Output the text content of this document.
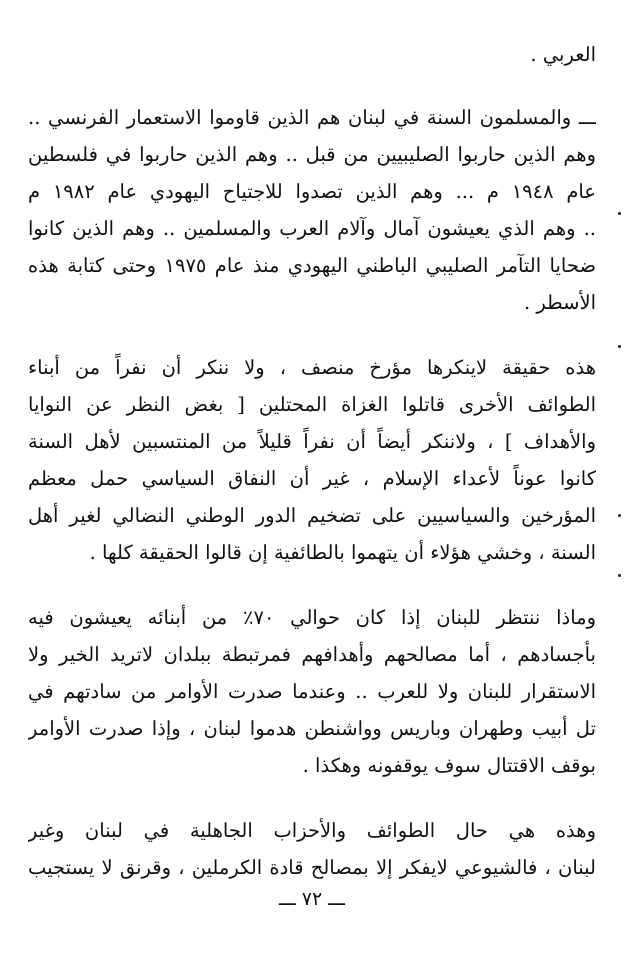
العربي .
ـــ والمسلمون السنة في لبنان هم الذين قاوموا الاستعمار الفرنسي ..
وهم الذين حاربوا الصليبيين من قبل .. وهم الذين حاربوا في فلسطين
عام ١٩٤٨ م ... وهم الذين تصدوا للاجتياح اليهودي عام ١٩٨٢ م
.. وهم الذي يعيشون آمال وآلام العرب والمسلمين .. وهم الذين كانوا
ضحايا التآمر الصليبي الباطني اليهودي منذ عام ١٩٧٥ وحتى كتابة هذه
الأسطر .
هذه حقيقة لاينكرها مؤرخ منصف ، ولا ننكر أن نفراً من أبناء
الطوائف الأخرى قاتلوا الغزاة المحتلين [ بغض النظر عن النوايا
والأهداف ] ، ولاننكر أيضاً أن نفراً قليلاً من المنتسبين لأهل السنة
كانوا عوناً لأعداء الإسلام ، غير أن النفاق السياسي حمل معظم
المؤرخين والسياسيين على تضخيم الدور الوطني النضالي لغير أهل
السنة ، وخشي هؤلاء أن يتهموا بالطائفية إن قالوا الحقيقة كلها .
وماذا ننتظر للبنان إذا كان حوالي ٧٠٪ من أبنائه يعيشون فيه
بأجسادهم ، أما مصالحهم وأهدافهم فمرتبطة ببلدان لاتريد الخير ولا
الاستقرار للبنان ولا للعرب .. وعندما صدرت الأوامر من سادتهم في
تل أبيب وطهران وباريس وواشنطن هدموا لبنان ، وإذا صدرت الأوامر
بوقف الاقتتال سوف يوقفونه وهكذا .
وهذه هي حال الطوائف والأحزاب الجاهلية في لبنان وغير
لبنان ، فالشيوعي لايفكر إلا بمصالح قادة الكرملين ، وقرنق لا يستجيب
ـــ ٧٢ ـــ
